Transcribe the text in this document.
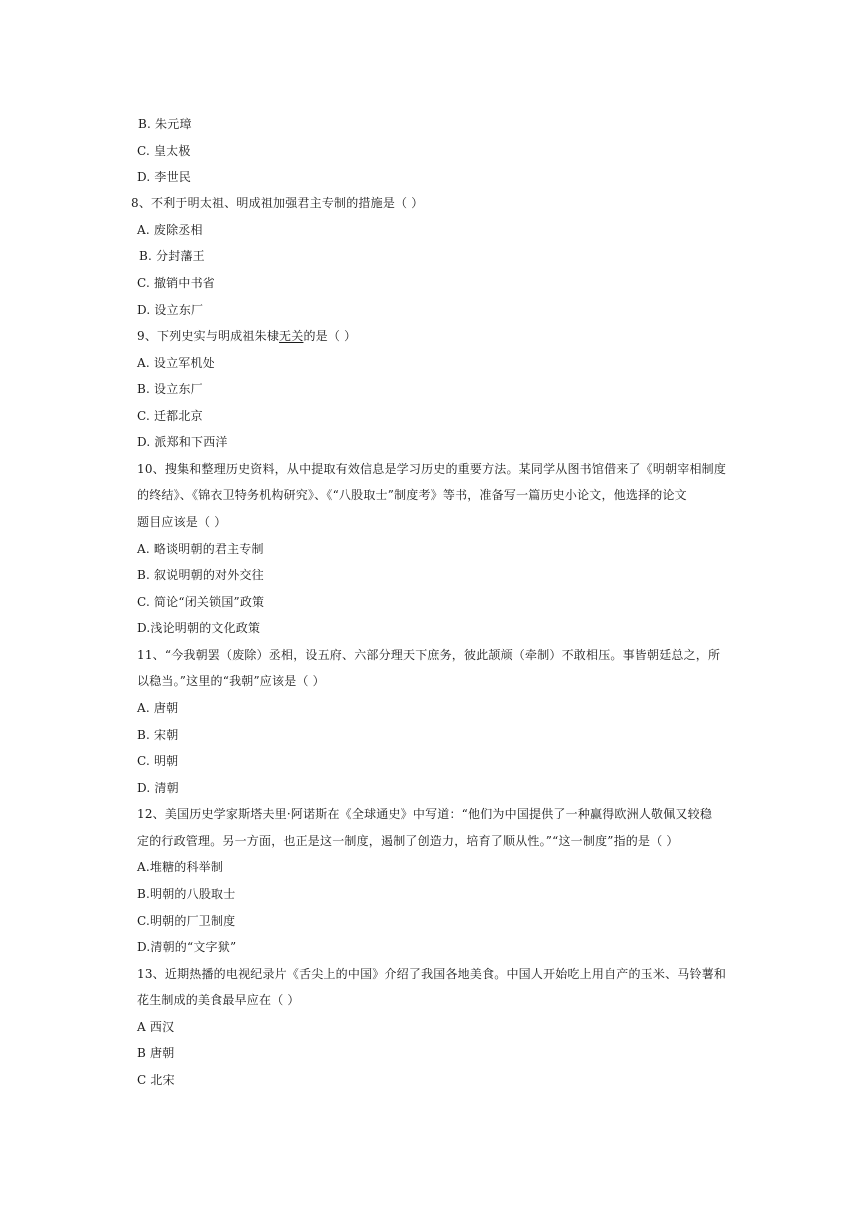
B. 朱元璋
C. 皇太极
D. 李世民
8、不利于明太祖、明成祖加强君主专制的措施是（ ）
A. 废除丞相
B. 分封藩王
C. 撤销中书省
D. 设立东厂
9、下列史实与明成祖朱棣无关的是（ ）
A. 设立军机处
B. 设立东厂
C. 迁都北京
D. 派郑和下西洋
10、搜集和整理历史资料，从中提取有效信息是学习历史的重要方法。某同学从图书馆借来了《明朝宰相制度
的终结》、《锦衣卫特务机构研究》、《“八股取士”制度考》等书，准备写一篇历史小论文，他选择的论文
题目应该是（ ）
A. 略谈明朝的君主专制
B. 叙说明朝的对外交往
C. 简论“闭关锁国”政策
D.浅论明朝的文化政策
11、“今我朝罢（废除）丞相，设五府、六部分理天下庶务，彼此颉颃（牵制）不敢相压。事皆朝廷总之，所
以稳当。”这里的“我朝”应该是（ ）
A. 唐朝
B. 宋朝
C. 明朝
D. 清朝
12、美国历史学家斯塔夫里·阿诺斯在《全球通史》中写道：“他们为中国提供了一种赢得欧洲人敬佩又较稳
定的行政管理。另一方面，也正是这一制度，遏制了创造力，培育了顺从性。”“这一制度”指的是（ ）
A.堆糖的科举制
B.明朝的八股取士
C.明朝的厂卫制度
D.清朝的“文字狱”
13、近期热播的电视纪录片《舌尖上的中国》介绍了我国各地美食。中国人开始吃上用自产的玉米、马铃薯和
花生制成的美食最早应在（ ）
A 西汉
B 唐朝
C 北宋
